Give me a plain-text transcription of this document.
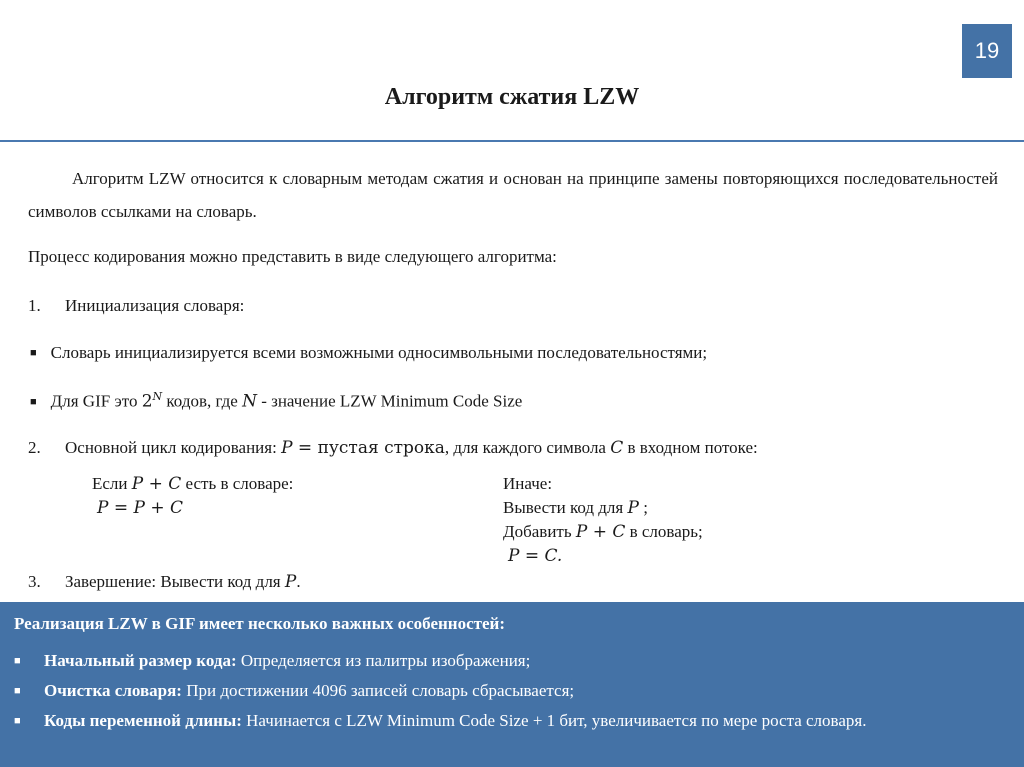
19
Алгоритм сжатия LZW
Алгоритм LZW относится к словарным методам сжатия и основан на принципе замены повторяющихся последовательностей символов ссылками на словарь.
Процесс кодирования можно представить в виде следующего алгоритма:
1. Инициализация словаря:
■ Словарь инициализируется всеми возможными односимвольными последовательностями;
■ Для GIF это $2^N$ кодов, где N - значение LZW Minimum Code Size
2. Основной цикл кодирования: P = пустая строка, для каждого символа C в входном потоке:
Если P + C есть в словаре:
P = P + C
Иначе:
Вывести код для P ;
Добавить P + C в словарь;
P = C.
3. Завершение: Вывести код для P.
Реализация LZW в GIF имеет несколько важных особенностей:
■ Начальный размер кода: Определяется из палитры изображения;
■ Очистка словаря: При достижении 4096 записей словарь сбрасывается;
■ Коды переменной длины: Начинается с LZW Minimum Code Size + 1 бит, увеличивается по мере роста словаря.
